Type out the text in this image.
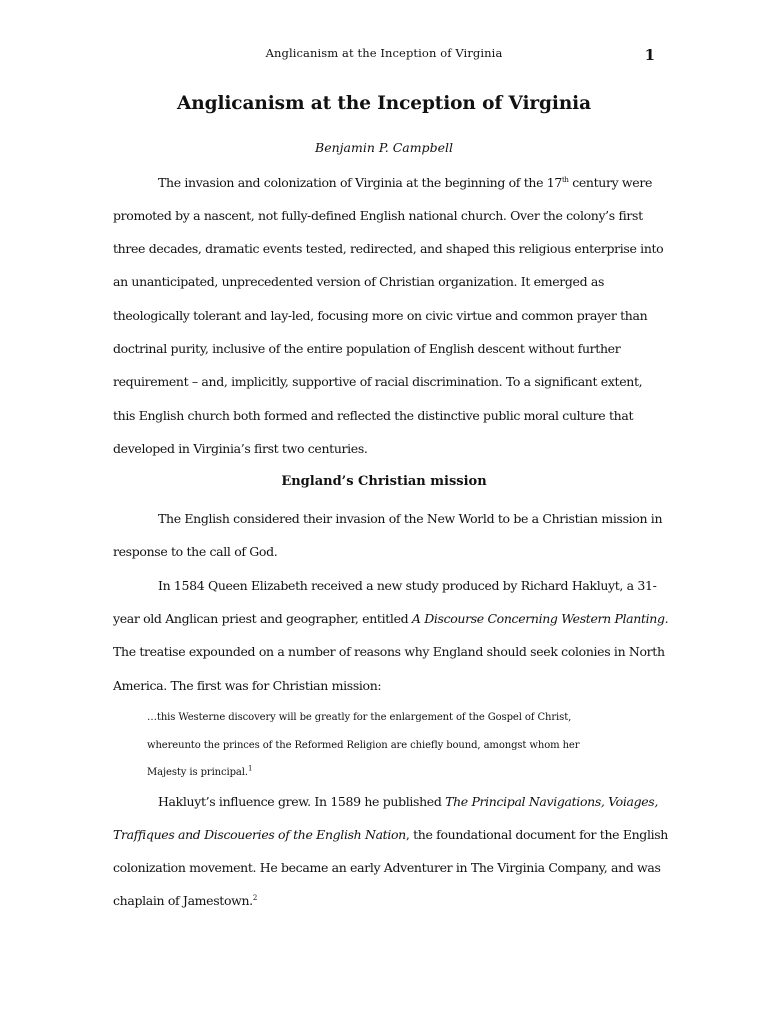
Anglicanism at the Inception of Virginia	1
Anglicanism at the Inception of Virginia
Benjamin P. Campbell
The invasion and colonization of Virginia at the beginning of the 17th century were
promoted by a nascent, not fully-defined English national church. Over the colony’s first
three decades, dramatic events tested, redirected, and shaped this religious enterprise into
an unanticipated, unprecedented version of Christian organization. It emerged as
theologically tolerant and lay-led, focusing more on civic virtue and common prayer than
doctrinal purity, inclusive of the entire population of English descent without further
requirement – and, implicitly, supportive of racial discrimination. To a significant extent,
this English church both formed and reflected the distinctive public moral culture that
developed in Virginia’s first two centuries.
England’s Christian mission
The English considered their invasion of the New World to be a Christian mission in
response to the call of God.
In 1584 Queen Elizabeth received a new study produced by Richard Hakluyt, a 31-
year old Anglican priest and geographer, entitled A Discourse Concerning Western Planting.
The treatise expounded on a number of reasons why England should seek colonies in North
America. The first was for Christian mission:
…this Westerne discovery will be greatly for the enlargement of the Gospel of Christ,
whereunto the princes of the Reformed Religion are chiefly bound, amongst whom her
Majesty is principal.$^1$
Hakluyt’s influence grew. In 1589 he published The Principal Navigations, Voiages,
Traffiques and Discoueries of the English Nation, the foundational document for the English
colonization movement. He became an early Adventurer in The Virginia Company, and was
chaplain of Jamestown.$^2$
